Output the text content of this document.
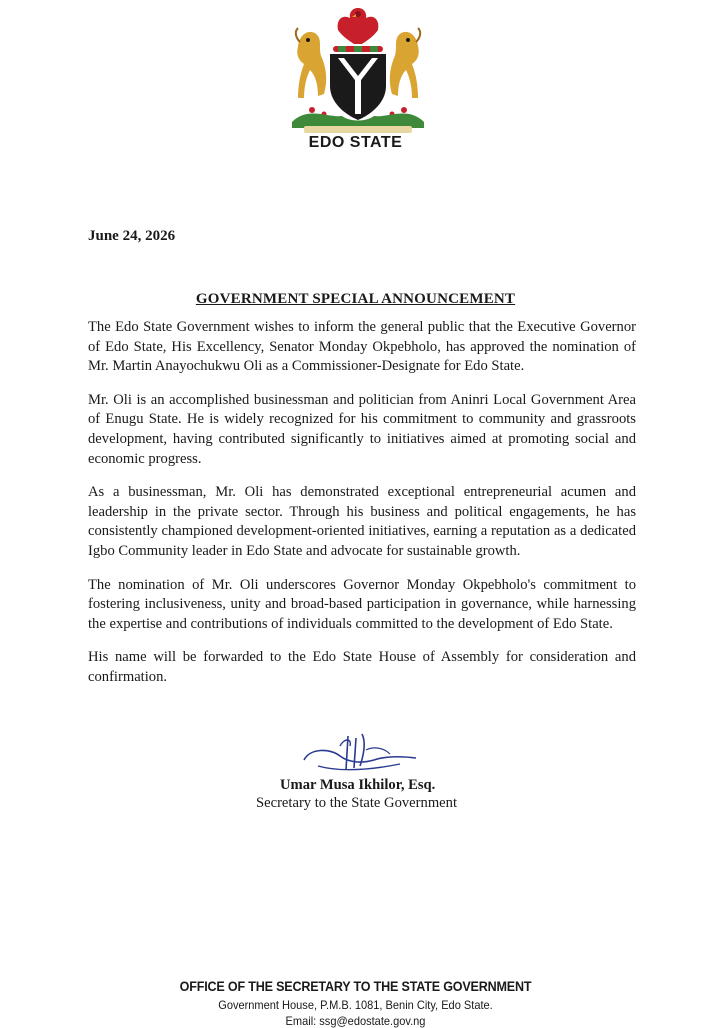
EDO STATE
June 24, 2026
GOVERNMENT SPECIAL ANNOUNCEMENT

The Edo State Government wishes to inform the general public that the Executive Governor of Edo State, His Excellency, Senator Monday Okpebholo, has approved the nomination of Mr. Martin Anayochukwu Oli as a Commissioner-Designate for Edo State.

Mr. Oli is an accomplished businessman and politician from Aninri Local Government Area of Enugu State. He is widely recognized for his commitment to community and grassroots development, having contributed significantly to initiatives aimed at promoting social and economic progress.

As a businessman, Mr. Oli has demonstrated exceptional entrepreneurial acumen and leadership in the private sector. Through his business and political engagements, he has consistently championed development-oriented initiatives, earning a reputation as a dedicated Igbo Community leader in Edo State and advocate for sustainable growth.

The nomination of Mr. Oli underscores Governor Monday Okpebholo's commitment to fostering inclusiveness, unity and broad-based participation in governance, while harnessing the expertise and contributions of individuals committed to the development of Edo State.

His name will be forwarded to the Edo State House of Assembly for consideration and confirmation.

Umar Musa Ikhilor, Esq.
Secretary to the State Government
OFFICE OF THE SECRETARY TO THE STATE GOVERNMENT
Government House, P.M.B. 1081, Benin City, Edo State.
Email: ssg@edostate.gov.ng
